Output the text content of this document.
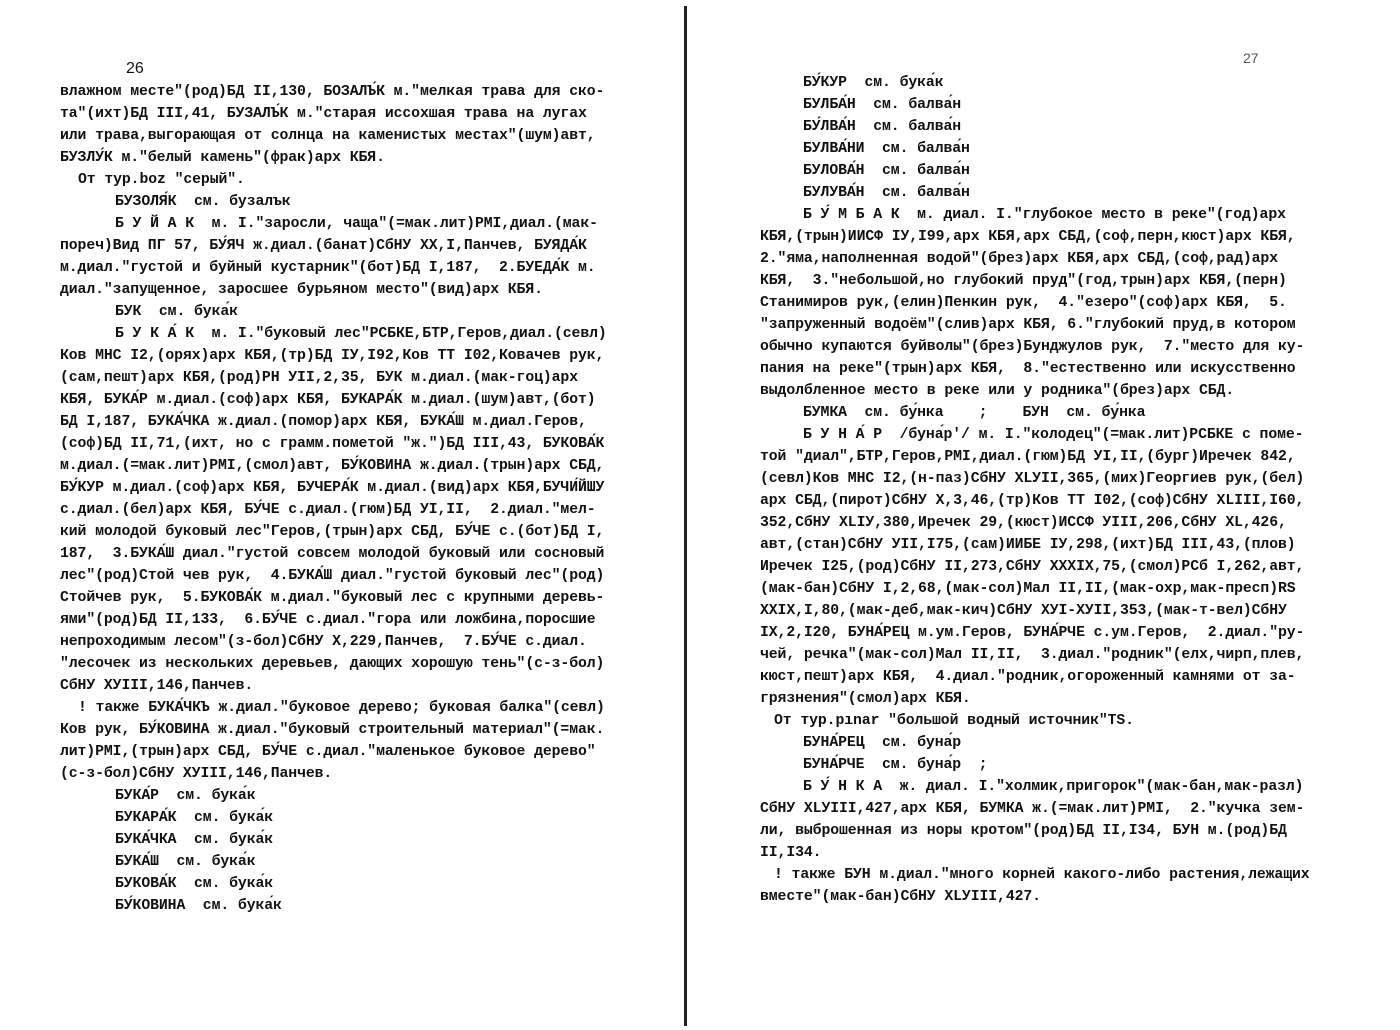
26
влажном месте"(род)БД II,130, БОЗАЛЪ́К м."мелкая трава для ско-
та"(ихт)БД III,41, БУЗАЛЪ́К м."старая иссохшая трава на лугах
или трава,выгорающая от солнца на каменистых местах"(шум)авт,
БУЗЛУ́К м."белый камень"(фрак)арх КБЯ.
От тур.boz "серый".
БУЗОЛЯ́К  см. бузалък
Б У Й А К  м. I."заросли, чаща"(=мак.лит)РМI,диал.(мак-
пореч)Вид ПГ 57, БУ́ЯЧ ж.диал.(банат)СбНУ XX,I,Панчев, БУЯДА́К
м.диал."густой и буйный кустарник"(бот)БД I,187,  2.БУЕДА́К м.
диал."запущенное, заросшее бурьяном место"(вид)арх КБЯ.
БУК  см. бука́к
Б У К А́ К  м. I."буковый лес"РСБКЕ,БТР,Геров,диал.(севл)
Ков МНС I2,(орях)арх КБЯ,(тр)БД IУ,I92,Ков ТТ I02,Ковачев рук,
(сам,пешт)арх КБЯ,(род)РН УII,2,35, БУК м.диал.(мак-гоц)арх
КБЯ, БУКА́Р м.диал.(соф)арх КБЯ, БУКАРА́К м.диал.(шум)авт,(бот)
БД I,187, БУКА́ЧКА ж.диал.(помор)арх КБЯ, БУКА́Ш м.диал.Геров,
(соф)БД II,71,(ихт, но с грамм.пометой "ж.")БД III,43, БУКОВА́К
м.диал.(=мак.лит)РМI,(смол)авт, БУ́КОВИНА ж.диал.(трын)арх СБД,
БУ́КУР м.диал.(соф)арх КБЯ, БУЧЕРА́К м.диал.(вид)арх КБЯ,БУЧИ́ЙШУ
с.диал.(бел)арх КБЯ, БУ́ЧЕ с.диал.(гюм)БД УI,II,  2.диал."мел-
кий молодой буковый лес"Геров,(трын)арх СБД, БУ́ЧЕ с.(бот)БД I,
187,  3.БУКА́Ш диал."густой совсем молодой буковый или сосновый
лес"(род)Стой чев рук,  4.БУКА́Ш диал."густой буковый лес"(род)
Стойчев рук,  5.БУКОВА́К м.диал."буковый лес с крупными деревь-
ями"(род)БД II,133,  6.БУ́ЧЕ с.диал."гора или ложбина,поросшие
непроходимым лесом"(з-бол)СбНУ X,229,Панчев,  7.БУ́ЧЕ с.диал.
"лесочек из нескольких деревьев, дающих хорошую тень"(с-з-бол)
СбНУ XУIII,146,Панчев.
! также БУКА́ЧКЪ ж.диал."буковое дерево; буковая балка"(севл)
Ков рук, БУ́КОВИНА ж.диал."буковый строительный материал"(=мак.
лит)РМI,(трын)арх СБД, БУ́ЧЕ с.диал."маленькое буковое дерево"
(с-з-бол)СбНУ XУIII,146,Панчев.
БУКА́Р  см. бука́к
БУКАРА́К  см. бука́к
БУКА́ЧКА  см. бука́к
БУКА́Ш  см. бука́к
БУКОВА́К  см. бука́к
БУ́КОВИНА  см. бука́к
27
БУ́КУР  см. бука́к
БУЛБА́Н  см. балва́н
БУ́ЛВА́Н  см. балва́н
БУЛВА́НИ  см. балва́н
БУЛОВА́Н  см. балва́н
БУЛУВА́Н  см. балва́н
Б У́ М Б А К  м. диал. I."глубокое место в реке"(год)арх
КБЯ,(трын)ИИСФ IУ,I99,арх КБЯ,арх СБД,(соф,перн,кюст)арх КБЯ,
2."яма,наполненная водой"(брез)арх КБЯ,арх СБД,(соф,рад)арх
КБЯ,  3."небольшой,но глубокий пруд"(год,трын)арх КБЯ,(перн)
Станимиров рук,(елин)Пенкин рук,  4."езеро"(соф)арх КБЯ,  5.
"запруженный водоём"(слив)арх КБЯ, 6."глубокий пруд,в котором
обычно купаются буйволы"(брез)Бунджулов рук,  7."место для ку-
пания на реке"(трын)арх КБЯ,  8."естественно или искусственно
выдолбленное место в реке или у родника"(брез)арх СБД.
БУМКА  см. бу́нка    ;    БУН  см. бу́нка
Б У Н А́ Р  /буна́р'/ м. I."колодец"(=мак.лит)РСБКЕ с поме-
той "диал",БТР,Геров,РМI,диал.(гюм)БД УI,II,(бург)Иречек 842,
(севл)Ков МНС I2,(н-паз)СбНУ XLУII,365,(мих)Георгиев рук,(бел)
арх СБД,(пирот)СбНУ X,3,46,(тр)Ков ТТ I02,(соф)СбНУ XLIII,I60,
352,СбНУ XLIУ,380,Иречек 29,(кюст)ИССФ УIII,206,СбНУ XL,426,
авт,(стан)СбНУ УII,I75,(сам)ИИБЕ IУ,298,(ихт)БД III,43,(плов)
Иречек I25,(род)СбНУ II,273,СбНУ XXXIX,75,(смол)РСб I,262,авт,
(мак-бан)СбНУ I,2,68,(мак-сол)Мал II,II,(мак-охр,мак-пресп)RS
XXIX,I,80,(мак-деб,мак-кич)СбНУ XУI-XУII,353,(мак-т-вел)СбНУ
IX,2,I20, БУНА́РЕЦ м.ум.Геров, БУНА́РЧЕ с.ум.Геров,  2.диал."ру-
чей, речка"(мак-сол)Мал II,II,  3.диал."родник"(елх,чирп,плев,
кюст,пешт)арх КБЯ,  4.диал."родник,огороженный камнями от за-
грязнения"(смол)арх КБЯ.
От тур.pınar "большой водный источник"TS.
БУНА́РЕЦ  см. буна́р
БУНА́РЧЕ  см. буна́р  ;
Б У́ Н К А  ж. диал. I."холмик,пригорок"(мак-бан,мак-разл)
СбНУ XLУIII,427,арх КБЯ, БУМКА ж.(=мак.лит)РМI,  2."кучка зем-
ли, выброшенная из норы кротом"(род)БД II,I34, БУН м.(род)БД
II,I34.
! также БУН м.диал."много корней какого-либо растения,лежащих
вместе"(мак-бан)СбНУ XLУIII,427.
